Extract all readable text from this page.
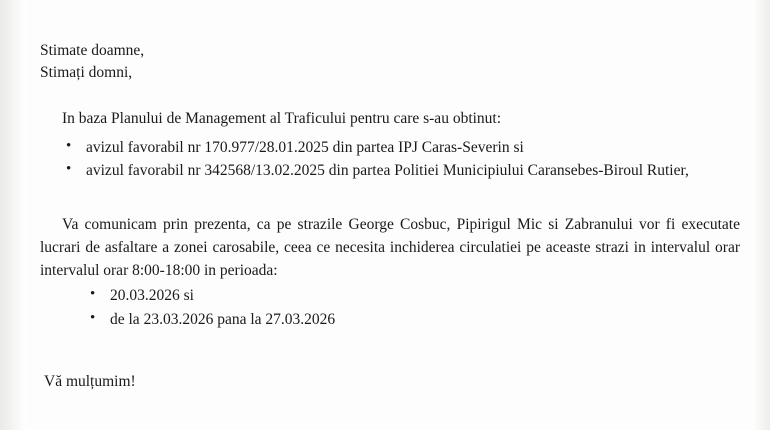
Stimate doamne,
Stimați domni,

In baza Planului de Management al Traficului pentru care s-au obtinut:

• avizul favorabil nr 170.977/28.01.2025 din partea IPJ Caras-Severin si
• avizul favorabil nr 342568/13.02.2025 din partea Politiei Municipiului Caransebes-Biroul Rutier,

Va comunicam prin prezenta, ca pe strazile George Cosbuc, Pipirigul Mic si Zabranului vor fi executate lucrari de asfaltare a zonei carosabile, ceea ce necesita inchiderea circulatiei pe aceaste strazi in intervalul orar intervalul orar 8:00-18:00 in perioada:

• 20.03.2026 si
• de la 23.03.2026 pana la 27.03.2026
Vă mulțumim!
